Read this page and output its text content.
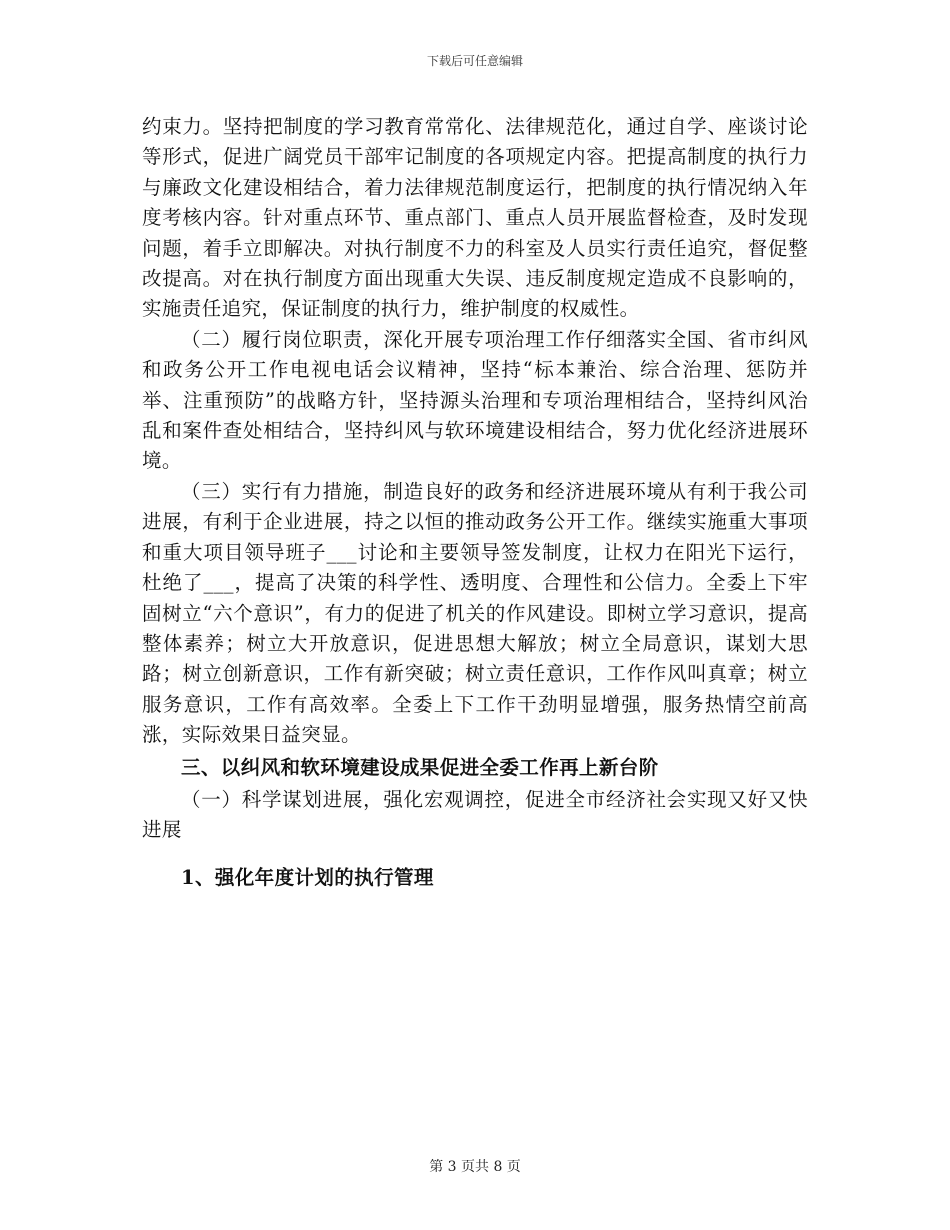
下载后可任意编辑

约束力。坚持把制度的学习教育常常化、法律规范化，通过自学、座谈讨论等形式，促进广阔党员干部牢记制度的各项规定内容。把提高制度的执行力与廉政文化建设相结合，着力法律规范制度运行，把制度的执行情况纳入年度考核内容。针对重点环节、重点部门、重点人员开展监督检查，及时发现问题，着手立即解决。对执行制度不力的科室及人员实行责任追究，督促整改提高。对在执行制度方面出现重大失误、违反制度规定造成不良影响的，实施责任追究，保证制度的执行力，维护制度的权威性。

（二）履行岗位职责，深化开展专项治理工作仔细落实全国、省市纠风和政务公开工作电视电话会议精神，坚持“标本兼治、综合治理、惩防并举、注重预防”的战略方针，坚持源头治理和专项治理相结合，坚持纠风治乱和案件查处相结合，坚持纠风与软环境建设相结合，努力优化经济进展环境。

（三）实行有力措施，制造良好的政务和经济进展环境从有利于我公司进展，有利于企业进展，持之以恒的推动政务公开工作。继续实施重大事项和重大项目领导班子___讨论和主要领导签发制度，让权力在阳光下运行，杜绝了___，提高了决策的科学性、透明度、合理性和公信力。全委上下牢固树立“六个意识”，有力的促进了机关的作风建设。即树立学习意识，提高整体素养；树立大开放意识，促进思想大解放；树立全局意识，谋划大思路；树立创新意识，工作有新突破；树立责任意识，工作作风叫真章；树立服务意识，工作有高效率。全委上下工作干劲明显增强，服务热情空前高涨，实际效果日益突显。

三、以纠风和软环境建设成果促进全委工作再上新台阶

（一）科学谋划进展，强化宏观调控，促进全市经济社会实现又好又快进展

1、强化年度计划的执行管理

第 3 页共 8 页
